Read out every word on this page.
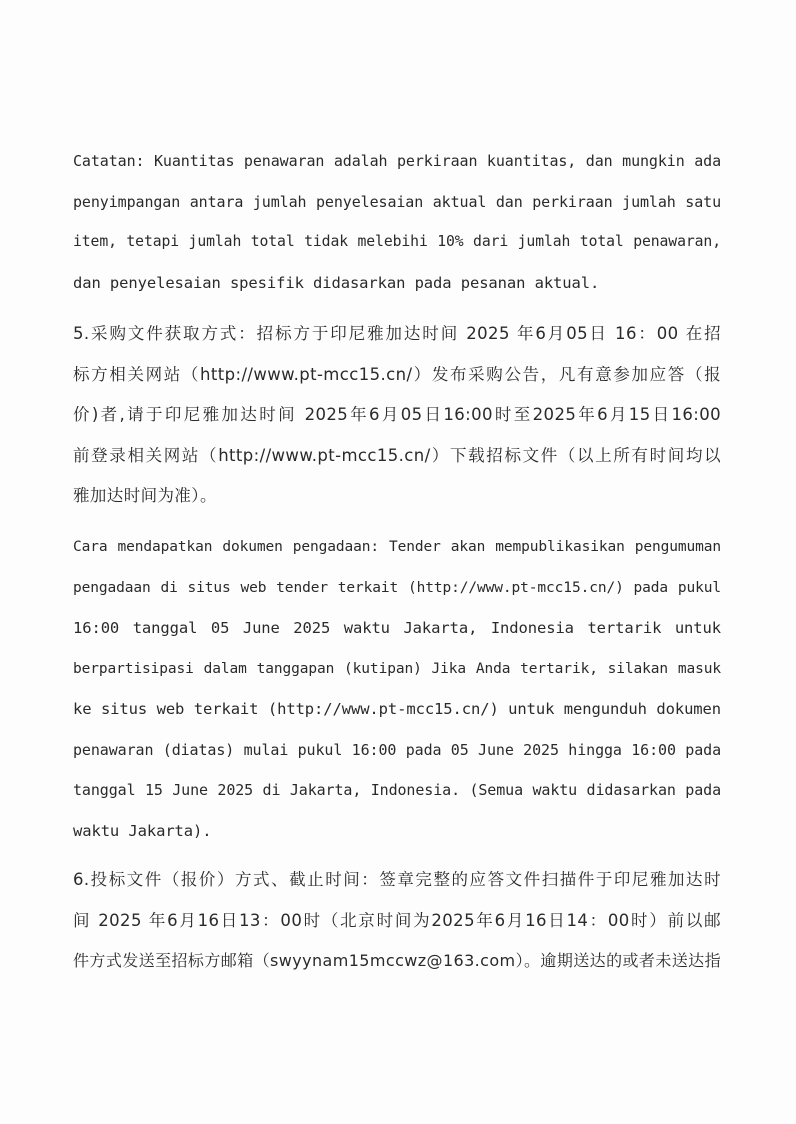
Catatan: Kuantitas penawaran adalah perkiraan kuantitas, dan mungkin ada
penyimpangan antara jumlah penyelesaian aktual dan perkiraan jumlah satu
item, tetapi jumlah total tidak melebihi 10% dari jumlah total penawaran,
dan penyelesaian spesifik didasarkan pada pesanan aktual.
5.采购文件获取方式：招标方于印尼雅加达时间 2025 年6月05日 16：00 在招
标方相关网站（http://www.pt-mcc15.cn/）发布采购公告，凡有意参加应答（报
价)者,请于印尼雅加达时间 2025年6月05日16:00时至2025年6月15日16:00
前登录相关网站（http://www.pt-mcc15.cn/）下载招标文件（以上所有时间均以
雅加达时间为准）。
Cara mendapatkan dokumen pengadaan: Tender akan mempublikasikan pengumuman
pengadaan di situs web tender terkait (http://www.pt-mcc15.cn/) pada pukul
16:00 tanggal 05 June 2025 waktu Jakarta, Indonesia tertarik untuk
berpartisipasi dalam tanggapan (kutipan) Jika Anda tertarik, silakan masuk
ke situs web terkait (http://www.pt-mcc15.cn/) untuk mengunduh dokumen
penawaran (diatas) mulai pukul 16:00 pada 05 June 2025 hingga 16:00 pada
tanggal 15 June 2025 di Jakarta, Indonesia. (Semua waktu didasarkan pada
waktu Jakarta).
6.投标文件（报价）方式、截止时间：签章完整的应答文件扫描件于印尼雅加达时
间 2025 年6月16日13：00时（北京时间为2025年6月16日14：00时）前以邮
件方式发送至招标方邮箱（swyynam15mccwz@163.com）。逾期送达的或者未送达指
